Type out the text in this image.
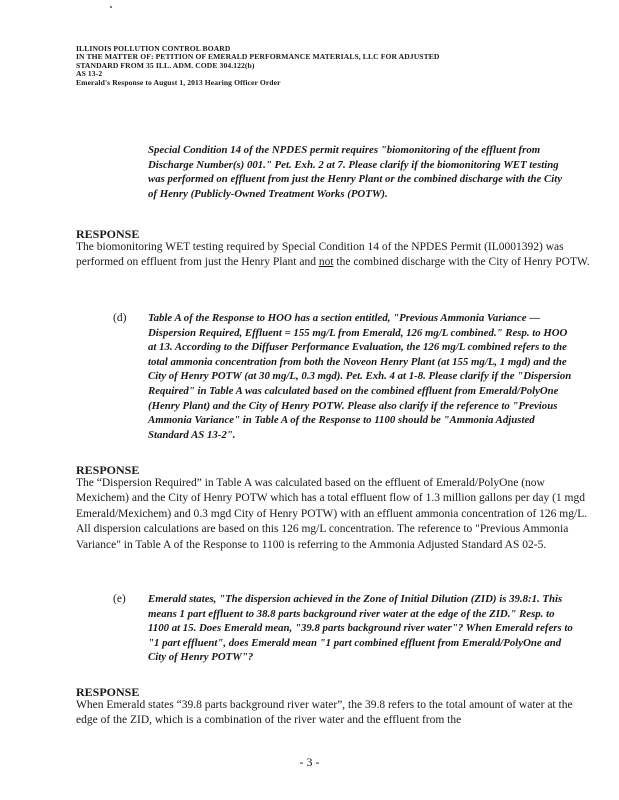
ILLINOIS POLLUTION CONTROL BOARD
IN THE MATTER OF: PETITION OF EMERALD PERFORMANCE MATERIALS, LLC FOR ADJUSTED
STANDARD FROM 35 ILL. ADM. CODE 304.122(b)
AS 13-2
Emerald's Response to August 1, 2013 Hearing Officer Order
Special Condition 14 of the NPDES permit requires "biomonitoring of the effluent from Discharge Number(s) 001." Pet. Exh. 2 at 7. Please clarify if the biomonitoring WET testing was performed on effluent from just the Henry Plant or the combined discharge with the City of Henry (Publicly-Owned Treatment Works (POTW).
RESPONSE
The biomonitoring WET testing required by Special Condition 14 of the NPDES Permit (IL0001392) was performed on effluent from just the Henry Plant and not the combined discharge with the City of Henry POTW.
(d) Table A of the Response to HOO has a section entitled, "Previous Ammonia Variance — Dispersion Required, Effluent = 155 mg/L from Emerald, 126 mg/L combined." Resp. to HOO at 13. According to the Diffuser Performance Evaluation, the 126 mg/L combined refers to the total ammonia concentration from both the Noveon Henry Plant (at 155 mg/L, 1 mgd) and the City of Henry POTW (at 30 mg/L, 0.3 mgd). Pet. Exh. 4 at 1-8. Please clarify if the "Dispersion Required" in Table A was calculated based on the combined effluent from Emerald/PolyOne (Henry Plant) and the City of Henry POTW. Please also clarify if the reference to "Previous Ammonia Variance" in Table A of the Response to 1100 should be "Ammonia Adjusted Standard AS 13-2".
RESPONSE
The “Dispersion Required” in Table A was calculated based on the effluent of Emerald/PolyOne (now Mexichem) and the City of Henry POTW which has a total effluent flow of 1.3 million gallons per day (1 mgd Emerald/Mexichem) and 0.3 mgd City of Henry POTW) with an effluent ammonia concentration of 126 mg/L. All dispersion calculations are based on this 126 mg/L concentration. The reference to "Previous Ammonia Variance" in Table A of the Response to 1100 is referring to the Ammonia Adjusted Standard AS 02-5.
(e) Emerald states, "The dispersion achieved in the Zone of Initial Dilution (ZID) is 39.8:1. This means 1 part effluent to 38.8 parts background river water at the edge of the ZID." Resp. to 1100 at 15. Does Emerald mean, "39.8 parts background river water"? When Emerald refers to "1 part effluent", does Emerald mean "1 part combined effluent from Emerald/PolyOne and City of Henry POTW"?
RESPONSE
When Emerald states “39.8 parts background river water”, the 39.8 refers to the total amount of water at the edge of the ZID, which is a combination of the river water and the effluent from the
- 3 -
